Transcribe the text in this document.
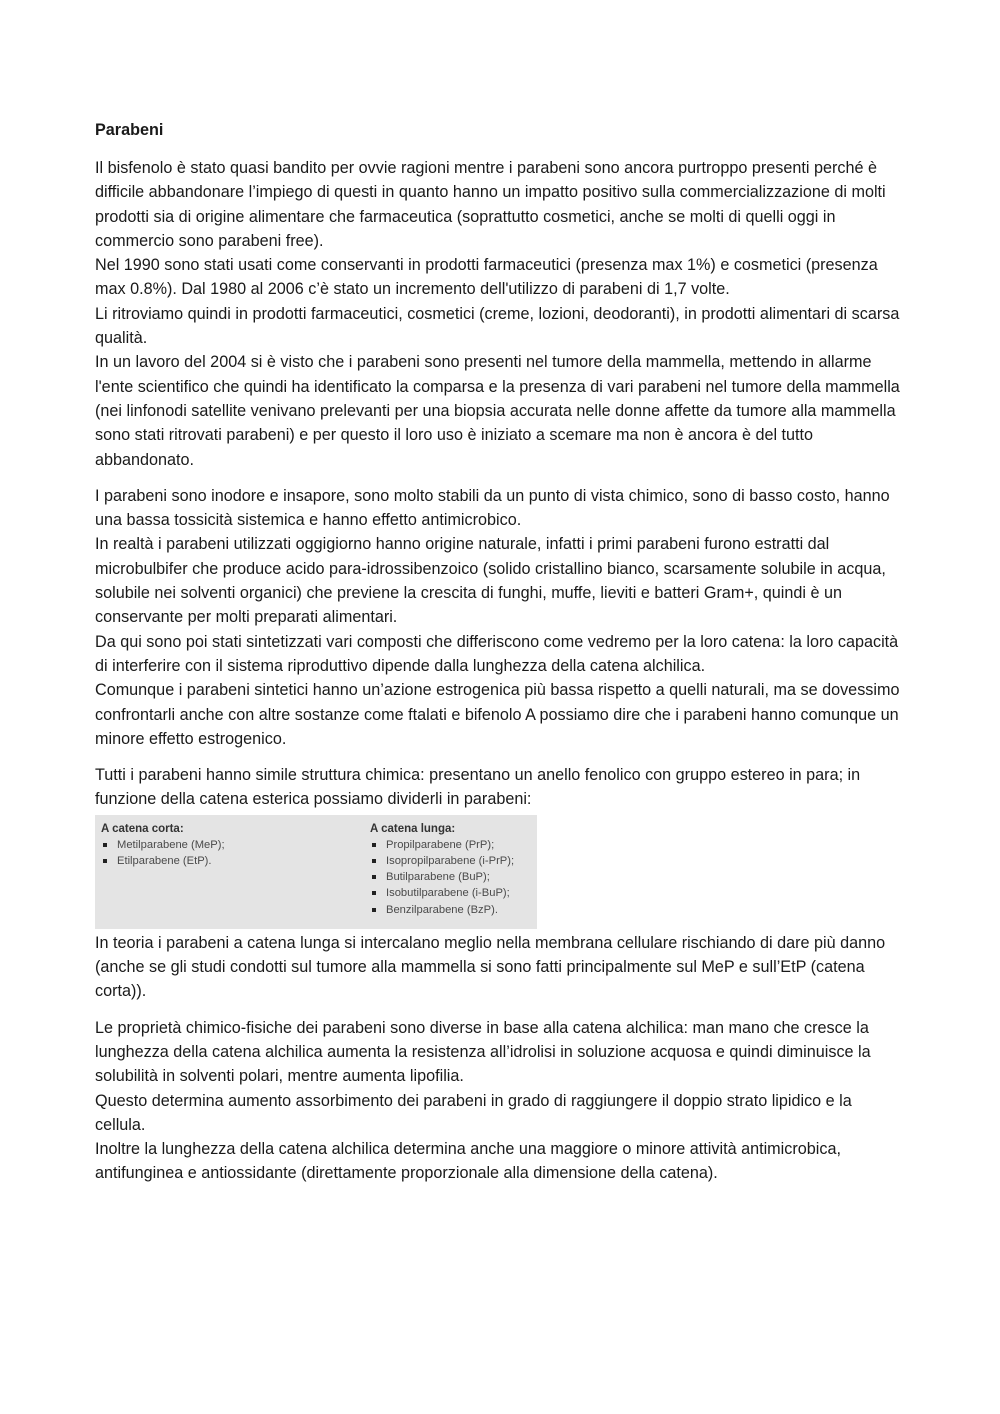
Parabeni
Il bisfenolo è stato quasi bandito per ovvie ragioni mentre i parabeni sono ancora purtroppo presenti perché è difficile abbandonare l’impiego di questi in quanto hanno un impatto positivo sulla commercializzazione di molti prodotti sia di origine alimentare che farmaceutica (soprattutto cosmetici, anche se molti di quelli oggi in commercio sono parabeni free).
Nel 1990 sono stati usati come conservanti in prodotti farmaceutici (presenza max 1%) e cosmetici (presenza max 0.8%). Dal 1980 al 2006 c’è stato un incremento dell'utilizzo di parabeni di 1,7 volte.
Li ritroviamo quindi in prodotti farmaceutici, cosmetici (creme, lozioni, deodoranti), in prodotti alimentari di scarsa qualità.
In un lavoro del 2004 si è visto che i parabeni sono presenti nel tumore della mammella, mettendo in allarme l'ente scientifico che quindi ha identificato la comparsa e la presenza di vari parabeni nel tumore della mammella (nei linfonodi satellite venivano prelevanti per una biopsia accurata nelle donne affette da tumore alla mammella sono stati ritrovati parabeni) e per questo il loro uso è iniziato a scemare ma non è ancora è del tutto abbandonato.
I parabeni sono inodore e insapore, sono molto stabili da un punto di vista chimico, sono di basso costo, hanno una bassa tossicità sistemica e hanno effetto antimicrobico.
In realtà i parabeni utilizzati oggigiorno hanno origine naturale, infatti i primi parabeni furono estratti dal microbulbifer che produce acido para-idrossibenzoico (solido cristallino bianco, scarsamente solubile in acqua, solubile nei solventi organici) che previene la crescita di funghi, muffe, lieviti e batteri Gram+, quindi è un conservante per molti preparati alimentari.
Da qui sono poi stati sintetizzati vari composti che differiscono come vedremo per la loro catena: la loro capacità di interferire con il sistema riproduttivo dipende dalla lunghezza della catena alchilica.
Comunque i parabeni sintetici hanno un’azione estrogenica più bassa rispetto a quelli naturali, ma se dovessimo confrontarli anche con altre sostanze come ftalati e bifenolo A possiamo dire che i parabeni hanno comunque un minore effetto estrogenico.
Tutti i parabeni hanno simile struttura chimica: presentano un anello fenolico con gruppo estereo in para; in funzione della catena esterica possiamo dividerli in parabeni:
A catena corta:
Metilparabene (MeP);
Etilparabene (EtP).
A catena lunga:
Propilparabene (PrP);
Isopropilparabene (i-PrP);
Butilparabene (BuP);
Isobutilparabene (i-BuP);
Benzilparabene (BzP).
In teoria i parabeni a catena lunga si intercalano meglio nella membrana cellulare rischiando di dare più danno (anche se gli studi condotti sul tumore alla mammella si sono fatti principalmente sul MeP e sull’EtP (catena corta)).
Le proprietà chimico-fisiche dei parabeni sono diverse in base alla catena alchilica: man mano che cresce la lunghezza della catena alchilica aumenta la resistenza all’idrolisi in soluzione acquosa e quindi diminuisce la solubilità in solventi polari, mentre aumenta lipofilia.
Questo determina aumento assorbimento dei parabeni in grado di raggiungere il doppio strato lipidico e la cellula.
Inoltre la lunghezza della catena alchilica determina anche una maggiore o minore attività antimicrobica, antifunginea e antiossidante (direttamente proporzionale alla dimensione della catena).
